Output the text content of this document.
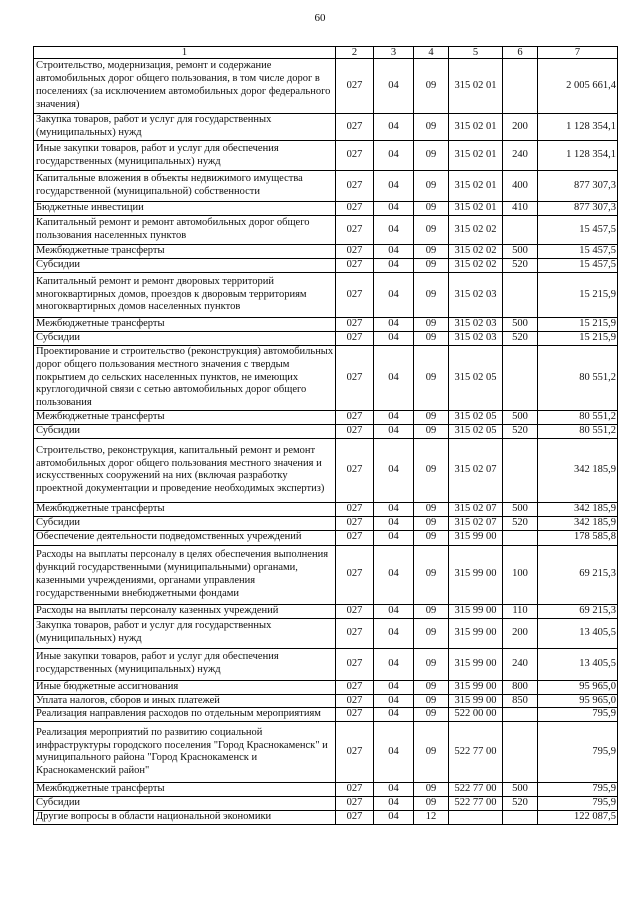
60
1	2	3	4	5	6	7
Строительство, модернизация, ремонт и содержание автомобильных дорог общего пользования, в том числе дорог в поселениях (за исключением автомобильных дорог федерального значения)	027	04	09	315 02 01		2 005 661,4
Закупка товаров, работ и услуг для государственных (муниципальных) нужд	027	04	09	315 02 01	200	1 128 354,1
Иные закупки товаров, работ и услуг для обеспечения государственных (муниципальных) нужд	027	04	09	315 02 01	240	1 128 354,1
Капитальные вложения в объекты недвижимого имущества государственной (муниципальной) собственности	027	04	09	315 02 01	400	877 307,3
Бюджетные инвестиции	027	04	09	315 02 01	410	877 307,3
Капитальный ремонт и ремонт автомобильных дорог общего пользования населенных пунктов	027	04	09	315 02 02		15 457,5
Межбюджетные трансферты	027	04	09	315 02 02	500	15 457,5
Субсидии	027	04	09	315 02 02	520	15 457,5
Капитальный ремонт и ремонт дворовых территорий многоквартирных домов, проездов к дворовым территориям многоквартирных домов населенных пунктов	027	04	09	315 02 03		15 215,9
Межбюджетные трансферты	027	04	09	315 02 03	500	15 215,9
Субсидии	027	04	09	315 02 03	520	15 215,9
Проектирование и строительство (реконструкция) автомобильных дорог общего пользования местного значения с твердым покрытием до сельских населенных пунктов, не имеющих круглогодичной связи с сетью автомобильных дорог общего пользования	027	04	09	315 02 05		80 551,2
Межбюджетные трансферты	027	04	09	315 02 05	500	80 551,2
Субсидии	027	04	09	315 02 05	520	80 551,2
Строительство, реконструкция, капитальный ремонт и ремонт автомобильных дорог общего пользования местного значения и искусственных сооружений на них (включая разработку проектной документации и проведение необходимых экспертиз)	027	04	09	315 02 07		342 185,9
Межбюджетные трансферты	027	04	09	315 02 07	500	342 185,9
Субсидии	027	04	09	315 02 07	520	342 185,9
Обеспечение деятельности подведомственных учреждений	027	04	09	315 99 00		178 585,8
Расходы на выплаты персоналу в целях обеспечения выполнения функций государственными (муниципальными) органами, казенными учреждениями, органами управления государственными внебюджетными фондами	027	04	09	315 99 00	100	69 215,3
Расходы на выплаты персоналу казенных учреждений	027	04	09	315 99 00	110	69 215,3
Закупка товаров, работ и услуг для государственных (муниципальных) нужд	027	04	09	315 99 00	200	13 405,5
Иные закупки товаров, работ и услуг для обеспечения государственных (муниципальных) нужд	027	04	09	315 99 00	240	13 405,5
Иные бюджетные ассигнования	027	04	09	315 99 00	800	95 965,0
Уплата налогов, сборов и иных платежей	027	04	09	315 99 00	850	95 965,0
Реализация направления расходов по отдельным мероприятиям	027	04	09	522 00 00		795,9
Реализация мероприятий по развитию социальной инфраструктуры городского поселения "Город Краснокаменск" и муниципального района "Город Краснокаменск и Краснокаменский район"	027	04	09	522 77 00		795,9
Межбюджетные трансферты	027	04	09	522 77 00	500	795,9
Субсидии	027	04	09	522 77 00	520	795,9
Другие вопросы в области национальной экономики	027	04	12			122 087,5
